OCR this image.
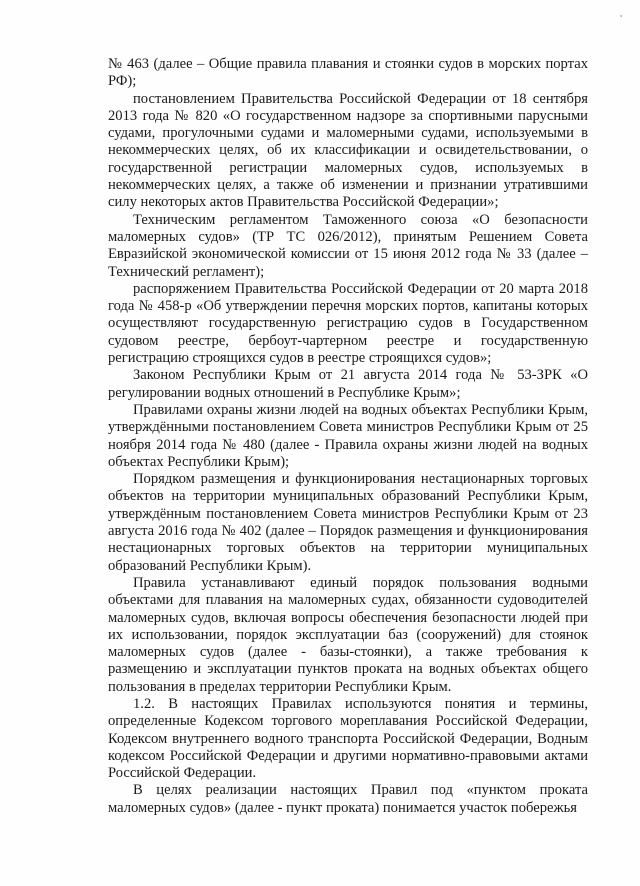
'

№ 463 (далее – Общие правила плавания и стоянки судов в морских портах РФ);

постановлением Правительства Российской Федерации от 18 сентября 2013 года № 820 «О государственном надзоре за спортивными парусными судами, прогулочными судами и маломерными судами, используемыми в некоммерческих целях, об их классификации и освидетельствовании, о государственной регистрации маломерных судов, используемых в некоммерческих целях, а также об изменении и признании утратившими силу некоторых актов Правительства Российской Федерации»;

Техническим регламентом Таможенного союза «О безопасности маломерных судов» (ТР ТС 026/2012), принятым Решением Совета Евразийской экономической комиссии от 15 июня 2012 года № 33 (далее – Технический регламент);

распоряжением Правительства Российской Федерации от 20 марта 2018 года № 458-р «Об утверждении перечня морских портов, капитаны которых осуществляют государственную регистрацию судов в Государственном судовом реестре, бербоут-чартерном реестре и государственную регистрацию строящихся судов в реестре строящихся судов»;

Законом Республики Крым от 21 августа 2014 года № 53-ЗРК «О регулировании водных отношений в Республике Крым»;

Правилами охраны жизни людей на водных объектах Республики Крым, утверждёнными постановлением Совета министров Республики Крым от 25 ноября 2014 года № 480 (далее - Правила охраны жизни людей на водных объектах Республики Крым);

Порядком размещения и функционирования нестационарных торговых объектов на территории муниципальных образований Республики Крым, утверждённым постановлением Совета министров Республики Крым от 23 августа 2016 года № 402 (далее – Порядок размещения и функционирования нестационарных торговых объектов на территории муниципальных образований Республики Крым).

Правила устанавливают единый порядок пользования водными объектами для плавания на маломерных судах, обязанности судоводителей маломерных судов, включая вопросы обеспечения безопасности людей при их использовании, порядок эксплуатации баз (сооружений) для стоянок маломерных судов (далее - базы-стоянки), а также требования к размещению и эксплуатации пунктов проката на водных объектах общего пользования в пределах территории Республики Крым.

1.2. В настоящих Правилах используются понятия и термины, определенные Кодексом торгового мореплавания Российской Федерации, Кодексом внутреннего водного транспорта Российской Федерации, Водным кодексом Российской Федерации и другими нормативно-правовыми актами Российской Федерации.

В целях реализации настоящих Правил под «пунктом проката маломерных судов» (далее - пункт проката) понимается участок побережья
